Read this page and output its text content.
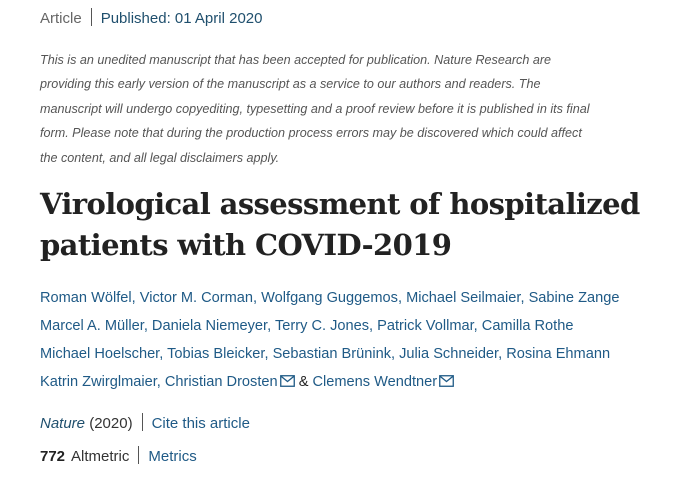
Article Published: 01 April 2020
This is an unedited manuscript that has been accepted for publication. Nature Research are
providing this early version of the manuscript as a service to our authors and readers. The
manuscript will undergo copyediting, typesetting and a proof review before it is published in its final
form. Please note that during the production process errors may be discovered which could affect
the content, and all legal disclaimers apply.
Virological assessment of hospitalized
patients with COVID-2019
Roman Wölfel, Victor M. Corman, Wolfgang Guggemos, Michael Seilmaier, Sabine Zange
Marcel A. Müller, Daniela Niemeyer, Terry C. Jones, Patrick Vollmar, Camilla Rothe
Michael Hoelscher, Tobias Bleicker, Sebastian Brünink, Julia Schneider, Rosina Ehmann
Katrin Zwirglmaier, Christian Drosten & Clemens Wendtner
Nature (2020) Cite this article
772 Altmetric Metrics
